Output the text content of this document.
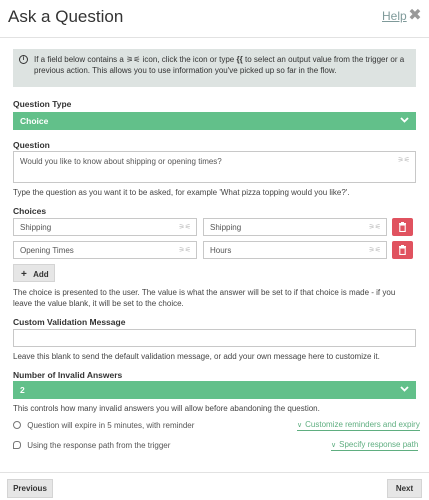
Ask a Question	Help ✖
i	If a field below contains a ⚞⚟ icon, click the icon or type {{ to select an output value from the trigger or a previous action. This allows you to use information you've picked up so far in the flow.
Question Type
Choice
Question
Would you like to know about shipping or opening times?	⚞⚟
Type the question as you want it to be asked, for example 'What pizza topping would you like?'.
Choices
Shipping	⚞⚟	Shipping	⚞⚟
Opening Times	⚞⚟	Hours	⚞⚟
+ Add
The choice is presented to the user. The value is what the answer will be set to if that choice is made - if you leave the value blank, it will be set to the choice.
Custom Validation Message
Leave this blank to send the default validation message, or add your own message here to customize it.
Number of Invalid Answers
2
This controls how many invalid answers you will allow before abandoning the question.
Question will expire in 5 minutes, with reminder	∨ Customize reminders and expiry
Using the response path from the trigger	∨ Specify response path
Previous	Next
